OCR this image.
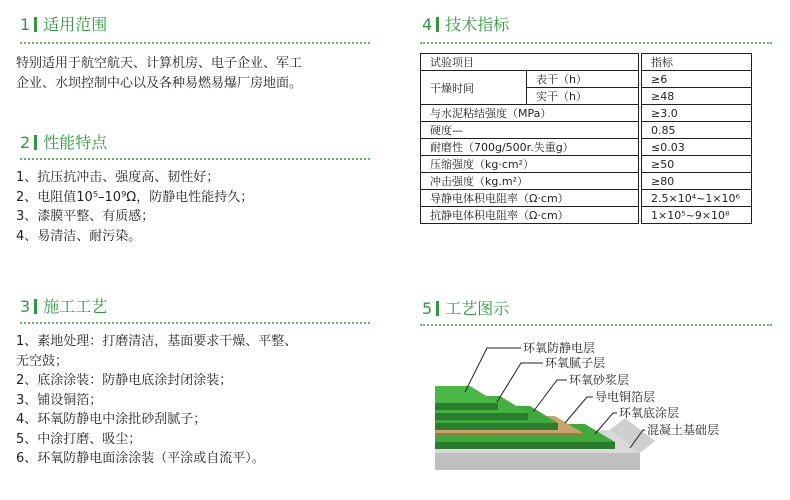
1 适用范围
特别适用于航空航天、计算机房、电子企业、军工
企业、水坝控制中心以及各种易燃易爆厂房地面。
2 性能特点
1、抗压抗冲击、强度高、韧性好；
2、电阻值10⁵–10⁹Ω，防静电性能持久；
3、漆膜平整、有质感；
4、易清洁、耐污染。
3 施工工艺
1、素地处理：打磨清洁，基面要求干燥、平整、
无空鼓；
2、底涂涂装：防静电底涂封闭涂装；
3、铺设铜箔；
4、环氧防静电中涂批砂刮腻子；
5、中涂打磨、吸尘；
6、环氧防静电面涂涂装（平涂或自流平）。
4 技术指标
试验项目			指标
干燥时间	表干（h）		≥6
	实干（h）		≥48
与水泥粘结强度（MPa）			≥3.0
硬度—			0.85
耐磨性（700g/500r.失重g）			≤0.03
压缩强度（kg·cm²）			≥50
冲击强度（kg.m²）			≥80
导静电体积电阻率（Ω·cm）			2.5×10⁴~1×10⁶
抗静电体积电阻率（Ω·cm）			1×10⁵~9×10⁸
5 工艺图示
环氧防静电层
环氧腻子层
环氧砂浆层
导电铜箔层
环氧底涂层
混凝土基础层
